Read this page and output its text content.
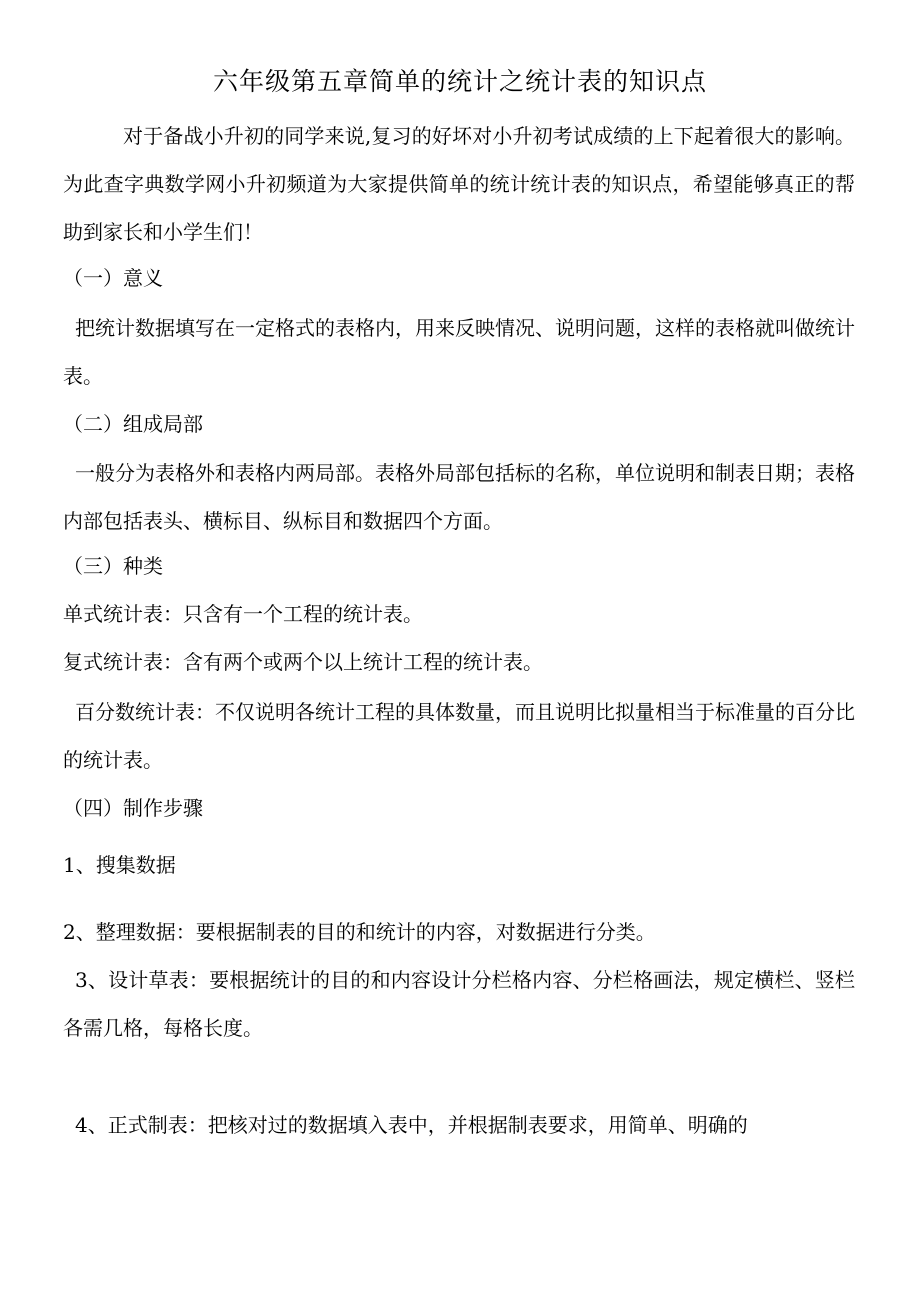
六年级第五章简单的统计之统计表的知识点

对于备战小升初的同学来说,复习的好坏对小升初考试成绩的上下起着很大的影响。为此查字典数学网小升初频道为大家提供简单的统计统计表的知识点，希望能够真正的帮助到家长和小学生们！

（一）意义

把统计数据填写在一定格式的表格内，用来反映情况、说明问题，这样的表格就叫做统计表。

（二）组成局部

一般分为表格外和表格内两局部。表格外局部包括标的名称，单位说明和制表日期；表格内部包括表头、横标目、纵标目和数据四个方面。

（三）种类

单式统计表：只含有一个工程的统计表。

复式统计表：含有两个或两个以上统计工程的统计表。

百分数统计表：不仅说明各统计工程的具体数量，而且说明比拟量相当于标准量的百分比的统计表。

（四）制作步骤

1、搜集数据

2、整理数据：要根据制表的目的和统计的内容，对数据进行分类。

3、设计草表：要根据统计的目的和内容设计分栏格内容、分栏格画法，规定横栏、竖栏各需几格，每格长度。

4、正式制表：把核对过的数据填入表中，并根据制表要求，用简单、明确的
